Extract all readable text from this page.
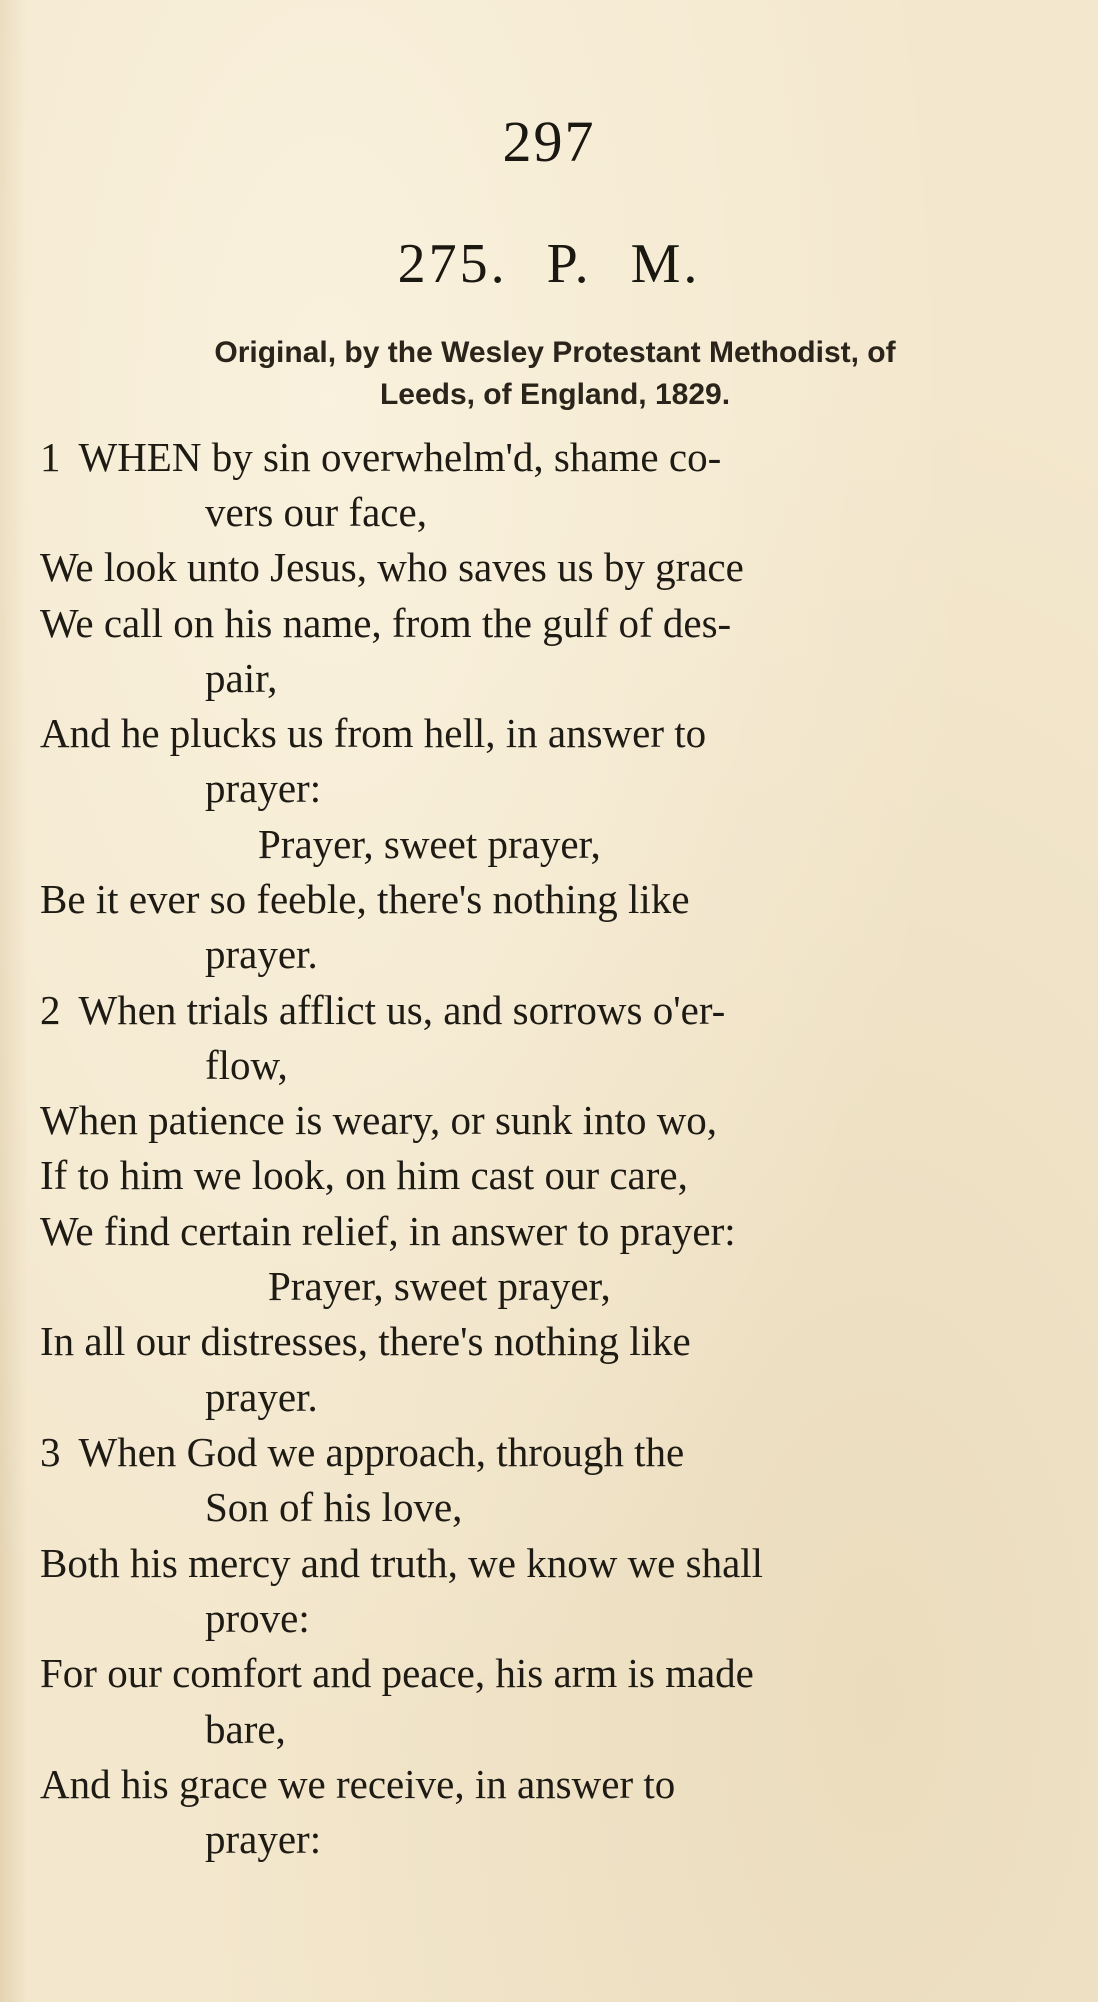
297
275. P. M.
Original, by the Wesley Protestant Methodist, of
Leeds, of England, 1829.
1 WHEN by sin overwhelm'd, shame co-
vers our face,
We look unto Jesus, who saves us by grace
We call on his name, from the gulf of des-
pair,
And he plucks us from hell, in answer to
prayer:
Prayer, sweet prayer,
Be it ever so feeble, there's nothing like
prayer.
2 When trials afflict us, and sorrows o'er-
flow,
When patience is weary, or sunk into wo,
If to him we look, on him cast our care,
We find certain relief, in answer to prayer:
Prayer, sweet prayer,
In all our distresses, there's nothing like
prayer.
3 When God we approach, through the
Son of his love,
Both his mercy and truth, we know we shall
prove:
For our comfort and peace, his arm is made
bare,
And his grace we receive, in answer to
prayer:
